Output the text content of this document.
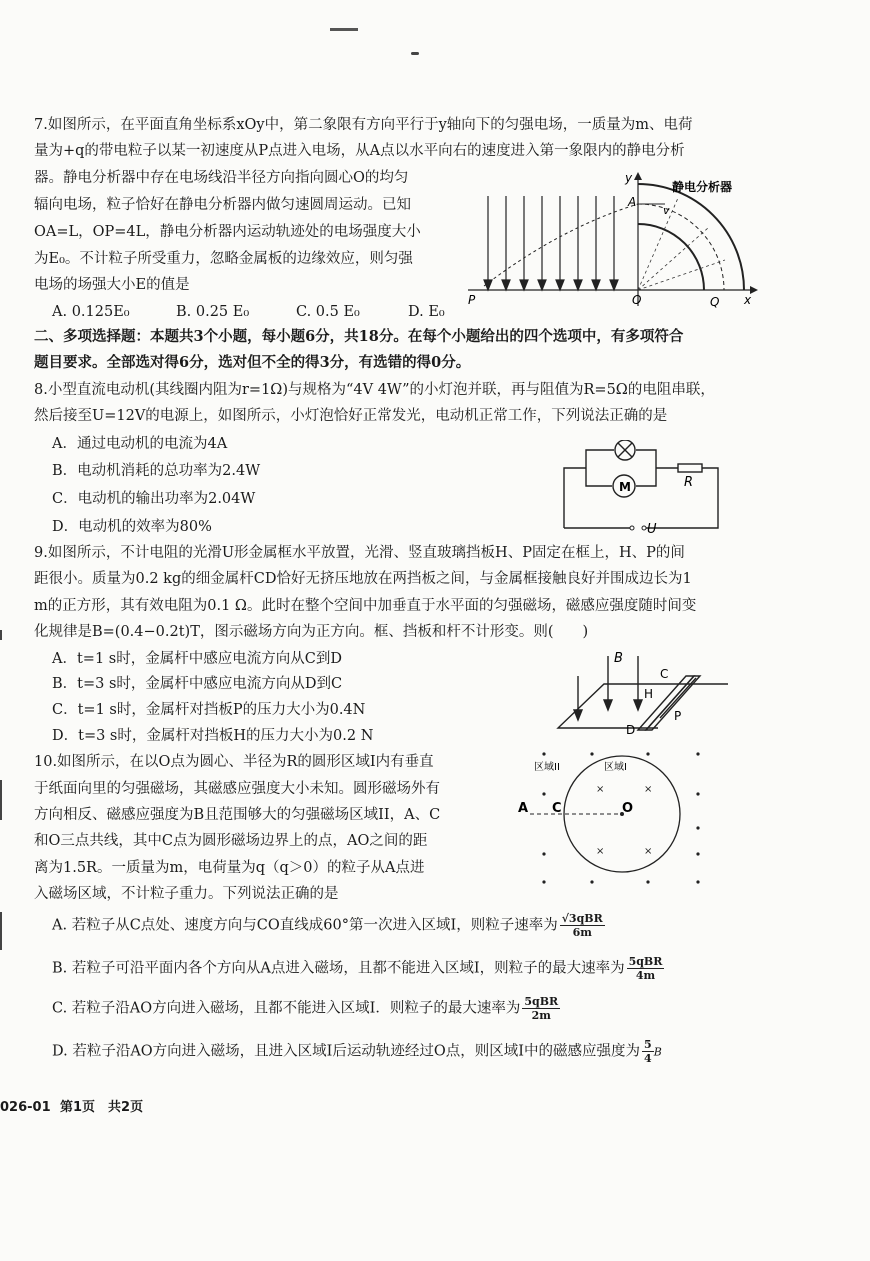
7.如图所示，在平面直角坐标系xOy中，第二象限有方向平行于y轴向下的匀强电场，一质量为m、电荷
量为+q的带电粒子以某一初速度从P点进入电场，从A点以水平向右的速度进入第一象限内的静电分析
器。静电分析器中存在电场线沿半径方向指向圆心O的均匀
辐向电场，粒子恰好在静电分析器内做匀速圆周运动。已知
OA=L，OP=4L，静电分析器内运动轨迹处的电场强度大小
为E₀。不计粒子所受重力，忽略金属板的边缘效应，则匀强
电场的场强大小E的值是
A. 0.125E₀	B. 0.25 E₀	C. 0.5 E₀	D. E₀
v
静电分析器
y
A
P	O	Q x
二、多项选择题：本题共3个小题，每小题6分，共18分。在每个小题给出的四个选项中，有多项符合
题目要求。全部选对得6分，选对但不全的得3分，有选错的得0分。
8.小型直流电动机(其线圈内阻为r=1Ω)与规格为“4V 4W”的小灯泡并联，再与阻值为R=5Ω的电阻串联，
然后接至U=12V的电源上，如图所示，小灯泡恰好正常发光，电动机正常工作，下列说法正确的是
A．通过电动机的电流为4A
B．电动机消耗的总功率为2.4W
C．电动机的输出功率为2.04W
D．电动机的效率为80%
M	R
U
9.如图所示，不计电阻的光滑U形金属框水平放置，光滑、竖直玻璃挡板H、P固定在框上，H、P的间
距很小。质量为0.2 kg的细金属杆CD恰好无挤压地放在两挡板之间，与金属框接触良好并围成边长为1
m的正方形，其有效电阻为0.1 Ω。此时在整个空间中加垂直于水平面的匀强磁场，磁感应强度随时间变
化规律是B=(0.4−0.2t)T，图示磁场方向为正方向。框、挡板和杆不计形变。则(　　)
A．t=1 s时，金属杆中感应电流方向从C到D
B．t=3 s时，金属杆中感应电流方向从D到C
C．t=1 s时，金属杆对挡板P的压力大小为0.4N
D．t=3 s时，金属杆对挡板H的压力大小为0.2 N
B
C
H
D
P
10.如图所示，在以O点为圆心、半径为R的圆形区域I内有垂直
于纸面向里的匀强磁场，其磁感应强度大小未知。圆形磁场外有
方向相反、磁感应强度为B且范围够大的匀强磁场区域II，A、C
和O三点共线，其中C点为圆形磁场边界上的点，AO之间的距
离为1.5R。一质量为m，电荷量为q（q＞0）的粒子从A点进
入磁场区域，不计粒子重力。下列说法正确的是
×	×
×	×
区域II	区域I
A C	O
A. 若粒子从C点处、速度方向与CO直线成60°第一次进入区域I，则粒子速率为 $\frac{\text{√3qBR}}{6m}$
B. 若粒子可沿平面内各个方向从A点进入磁场，且都不能进入区域I，则粒子的最大速率为 $\frac{\text{5qBR}}{4m}$
C. 若粒子沿AO方向进入磁场，且都不能进入区域I．则粒子的最大速率为 $\frac{\text{5qBR}}{2m}$
D. 若粒子沿AO方向进入磁场，且进入区域I后运动轨迹经过O点，则区域I中的磁感应强度为 $\frac{5}{4}$ B
026-01 第1页　共2页
